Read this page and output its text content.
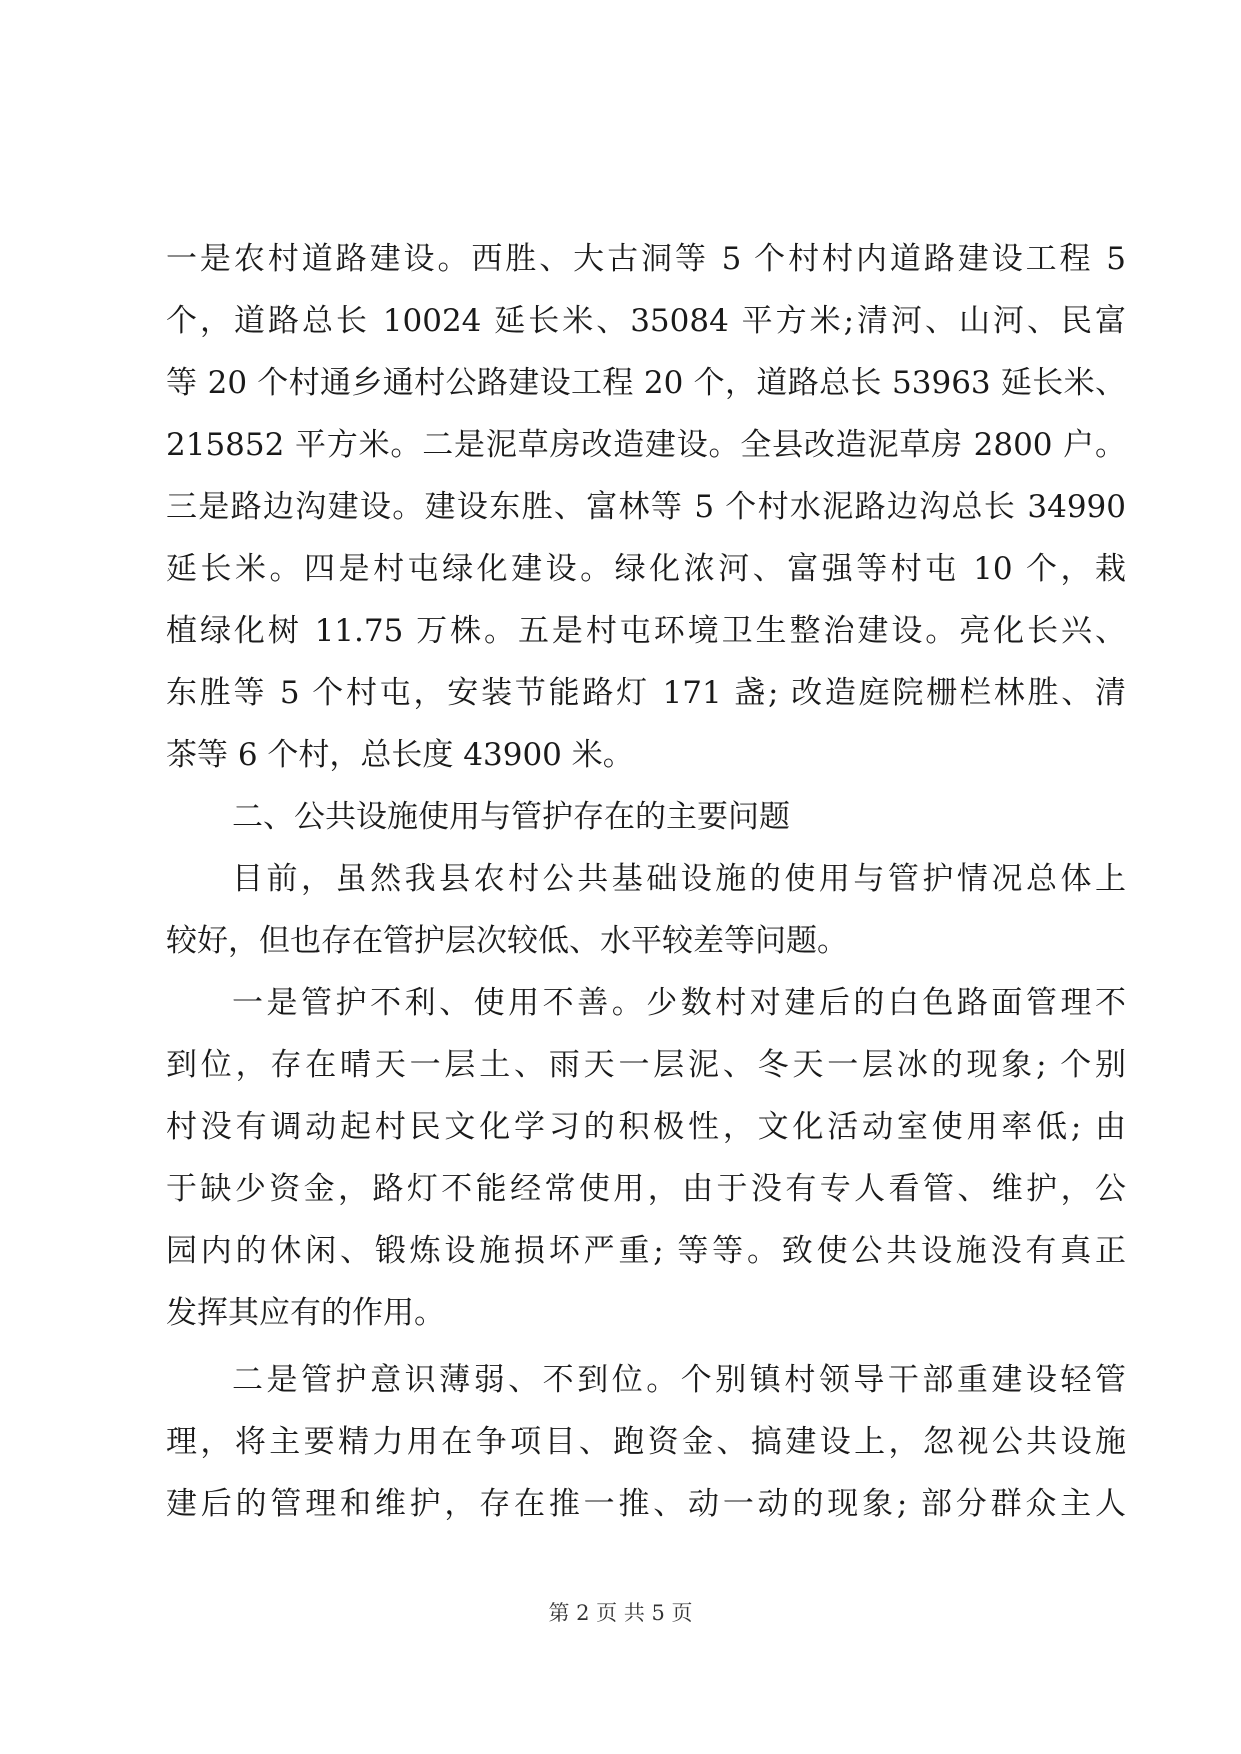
一是农村道路建设。西胜、大古洞等 5 个村村内道路建设工程 5
个，道路总长 10024 延长米、35084 平方米;清河、山河、民富
等 20 个村通乡通村公路建设工程 20 个，道路总长 53963 延长米、
215852 平方米。二是泥草房改造建设。全县改造泥草房 2800 户。
三是路边沟建设。建设东胜、富林等 5 个村水泥路边沟总长 34990
延长米。四是村屯绿化建设。绿化浓河、富强等村屯 10 个，栽
植绿化树 11.75 万株。五是村屯环境卫生整治建设。亮化长兴、
东胜等 5 个村屯，安装节能路灯 171 盏; 改造庭院栅栏林胜、清
茶等 6 个村，总长度 43900 米。
二、公共设施使用与管护存在的主要问题
目前，虽然我县农村公共基础设施的使用与管护情况总体上
较好，但也存在管护层次较低、水平较差等问题。
一是管护不利、使用不善。少数村对建后的白色路面管理不
到位，存在晴天一层土、雨天一层泥、冬天一层冰的现象; 个别
村没有调动起村民文化学习的积极性，文化活动室使用率低; 由
于缺少资金，路灯不能经常使用，由于没有专人看管、维护，公
园内的休闲、锻炼设施损坏严重; 等等。致使公共设施没有真正
发挥其应有的作用。
二是管护意识薄弱、不到位。个别镇村领导干部重建设轻管
理，将主要精力用在争项目、跑资金、搞建设上，忽视公共设施
建后的管理和维护，存在推一推、动一动的现象; 部分群众主人
第 2 页 共 5 页
